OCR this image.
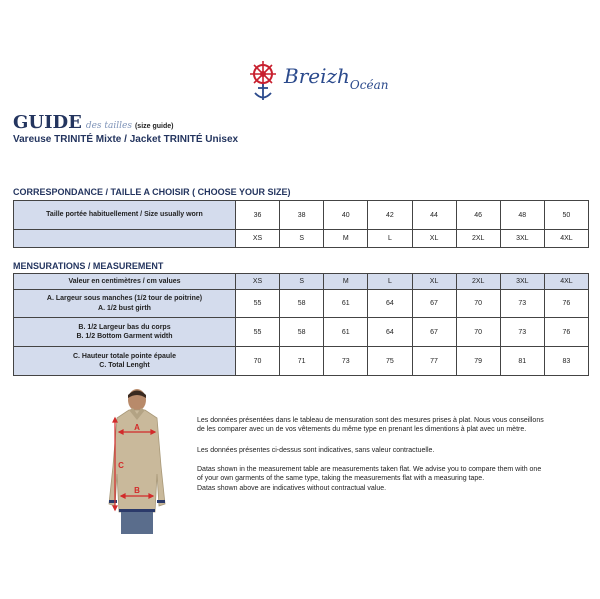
Breizh$_{Océan}$
GUIDE des tailles (size guide)
Vareuse TRINITÉ Mixte / Jacket TRINITÉ Unisex
CORRESPONDANCE / TAILLE A CHOISIR ( CHOOSE YOUR SIZE)
Taille portée habituellement / Size usually worn	36	38	40	42	44	46	48	50
	XS	S	M	L	XL	2XL	3XL	4XL
MENSURATIONS / MEASUREMENT
Valeur en centimètres / cm values	XS	S	M	L	XL	2XL	3XL	4XL

A. Largeur sous manches (1/2 tour de poitrine)
A. 1/2 bust girth	55	58	61	64	67	70	73	76

B. 1/2 Largeur bas du corps
B. 1/2 Bottom Garment width	55	58	61	64	67	70	73	76

C. Hauteur totale pointe épaule
C. Total Lenght	70	71	73	75	77	79	81	83
A
B
C
Les données présentées dans le tableau de mensuration sont des mesures prises à plat. Nous vous conseillons de les comparer avec un de vos vêtements du même type en prenant les dimentions à plat avec un mètre.
Les données présentes ci-dessus sont indicatives, sans valeur contractuelle.
Datas shown in the measurement table are measurements taken flat. We advise you to compare them with one of your own garments of the same type, taking the measurements flat with a measuring tape.
Datas shown above are indicatives without contractual value.
